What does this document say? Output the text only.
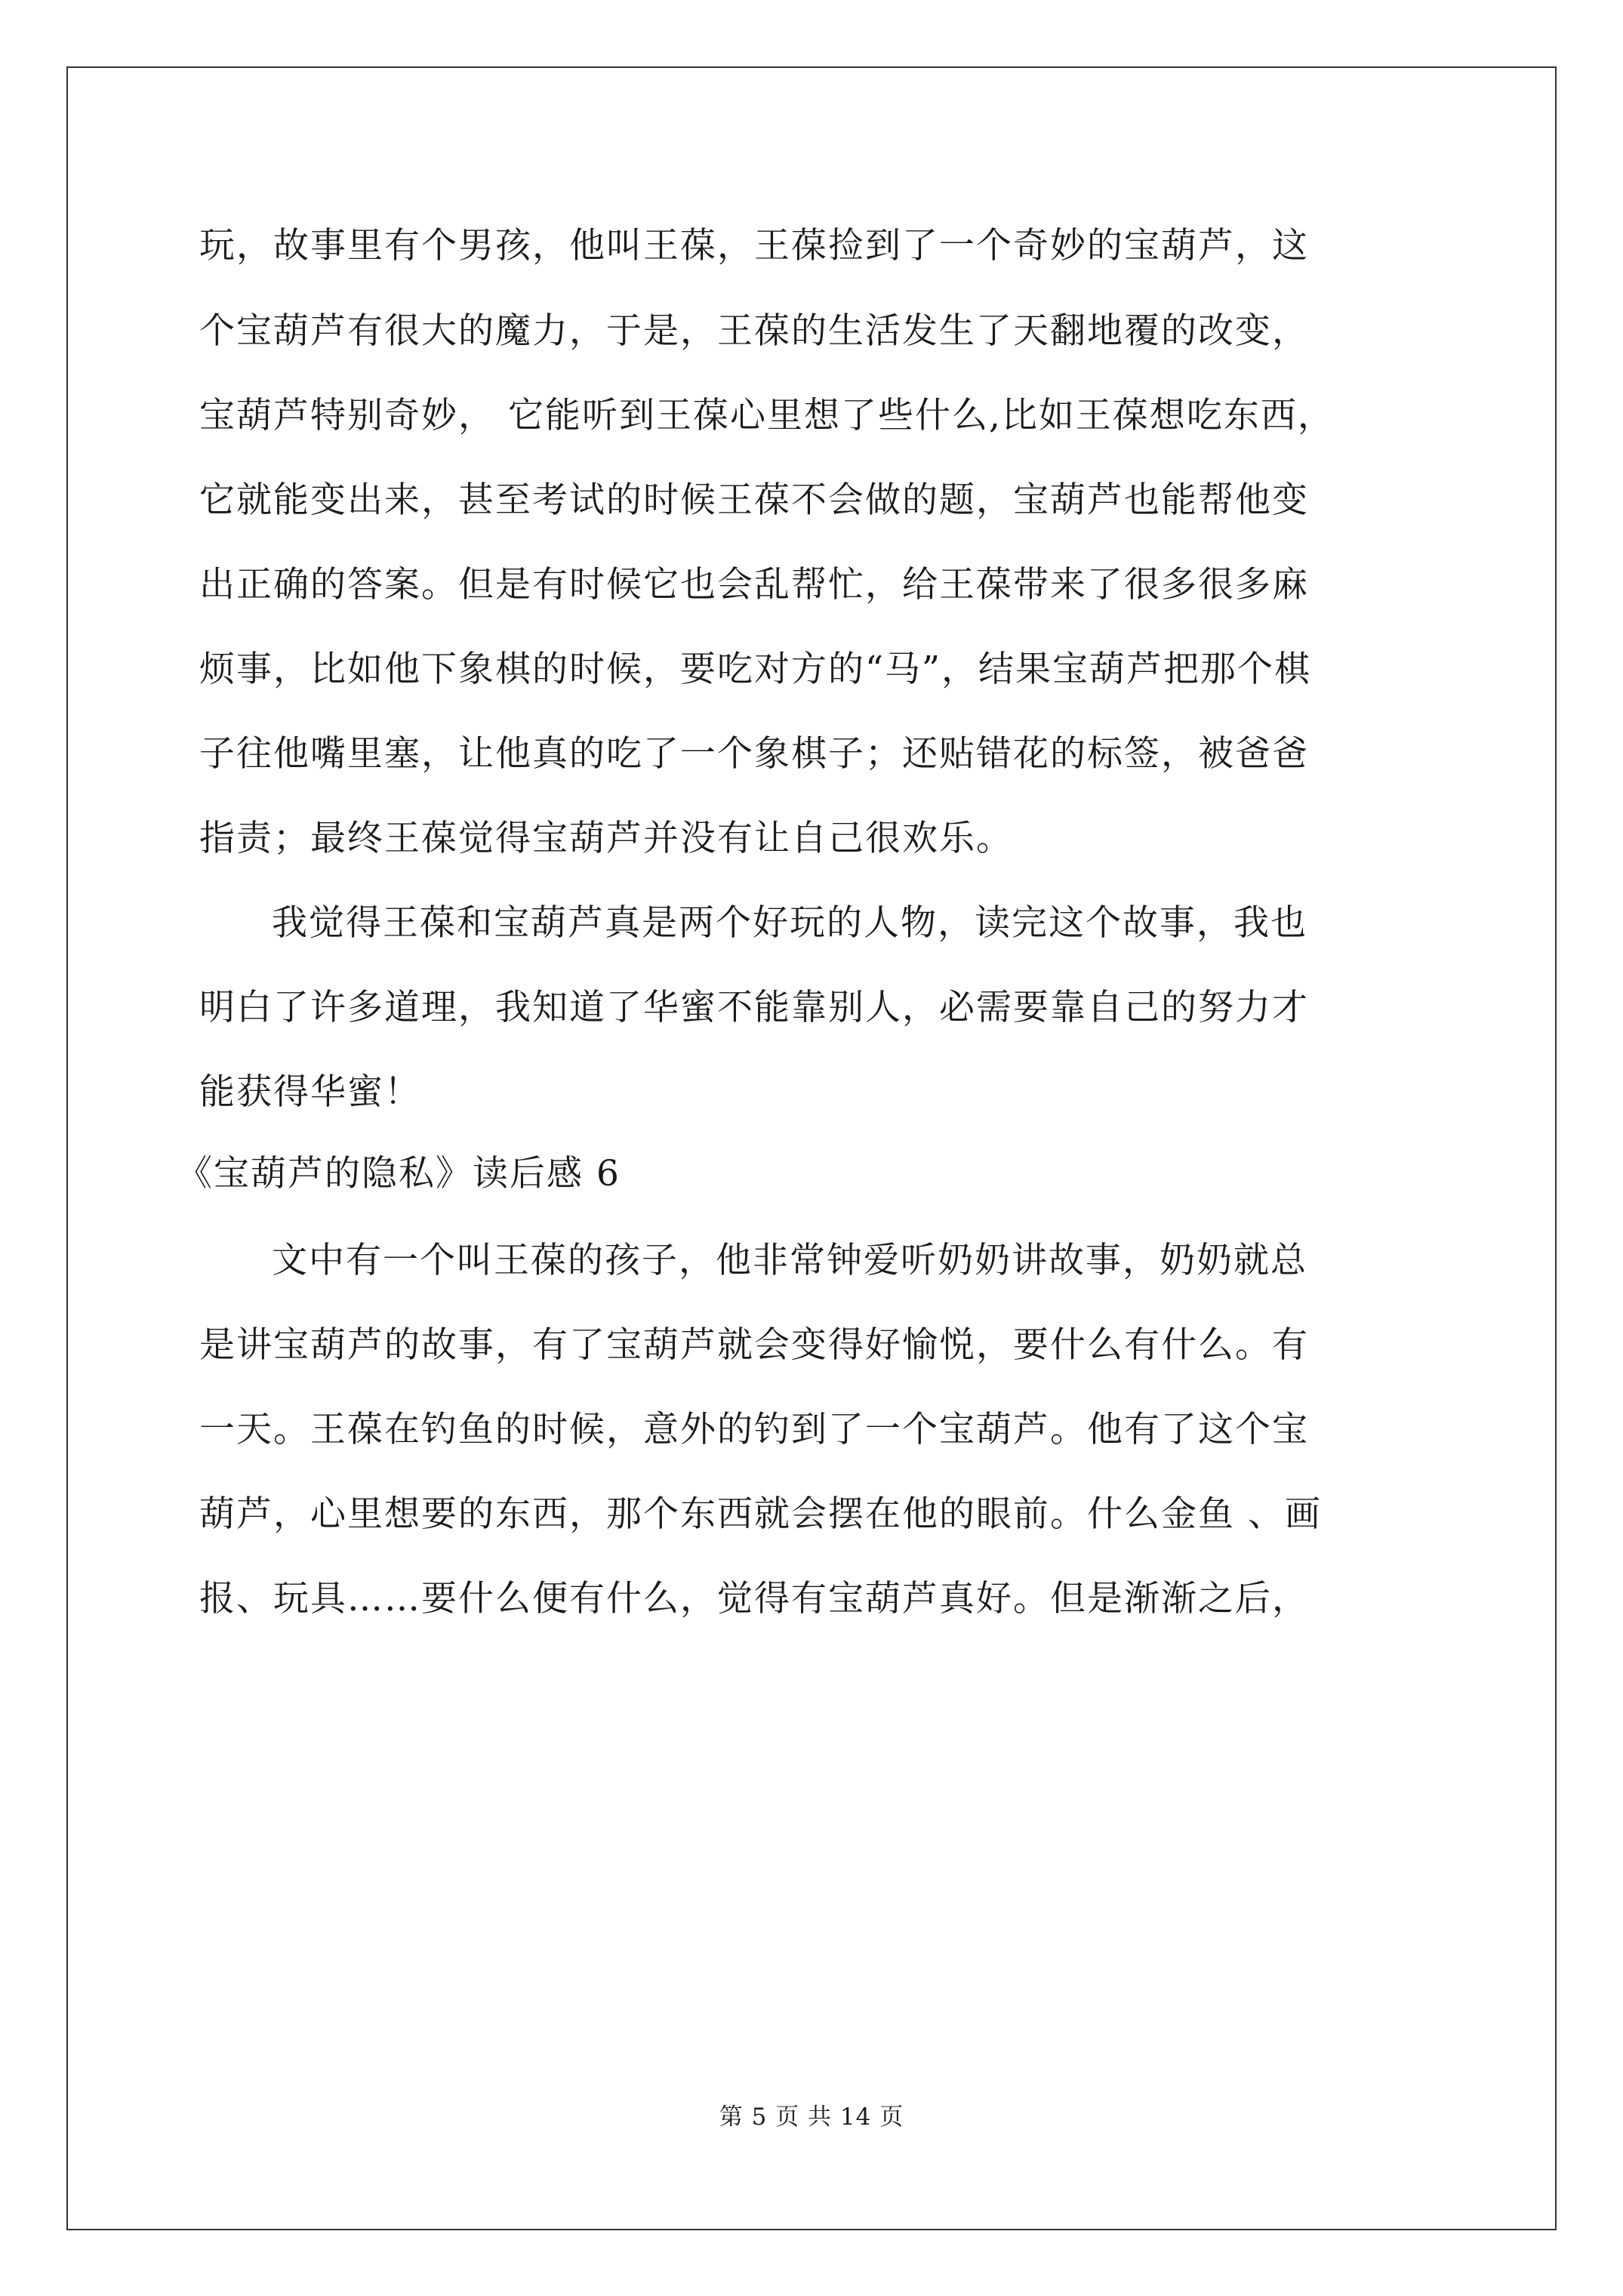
玩，故事里有个男孩，他叫王葆，王葆捡到了一个奇妙的宝葫芦，这
个宝葫芦有很大的魔力，于是，王葆的生活发生了天翻地覆的改变，
宝葫芦特别奇妙， 它能听到王葆心里想了些什么,比如王葆想吃东西，
它就能变出来，甚至考试的时候王葆不会做的题，宝葫芦也能帮他变
出正确的答案。但是有时候它也会乱帮忙，给王葆带来了很多很多麻
烦事，比如他下象棋的时候，要吃对方的“马”，结果宝葫芦把那个棋
子往他嘴里塞，让他真的吃了一个象棋子；还贴错花的标签，被爸爸
指责；最终王葆觉得宝葫芦并没有让自己很欢乐。
我觉得王葆和宝葫芦真是两个好玩的人物，读完这个故事，我也
明白了许多道理，我知道了华蜜不能靠别人，必需要靠自己的努力才
能获得华蜜！
《宝葫芦的隐私》读后感 6
文中有一个叫王葆的孩子，他非常钟爱听奶奶讲故事，奶奶就总
是讲宝葫芦的故事，有了宝葫芦就会变得好愉悦，要什么有什么。有
一天。王葆在钓鱼的时候，意外的钓到了一个宝葫芦。他有了这个宝
葫芦，心里想要的东西，那个东西就会摆在他的眼前。什么金鱼 、画
报、玩具……要什么便有什么，觉得有宝葫芦真好。但是渐渐之后，
第 5 页 共 14 页
